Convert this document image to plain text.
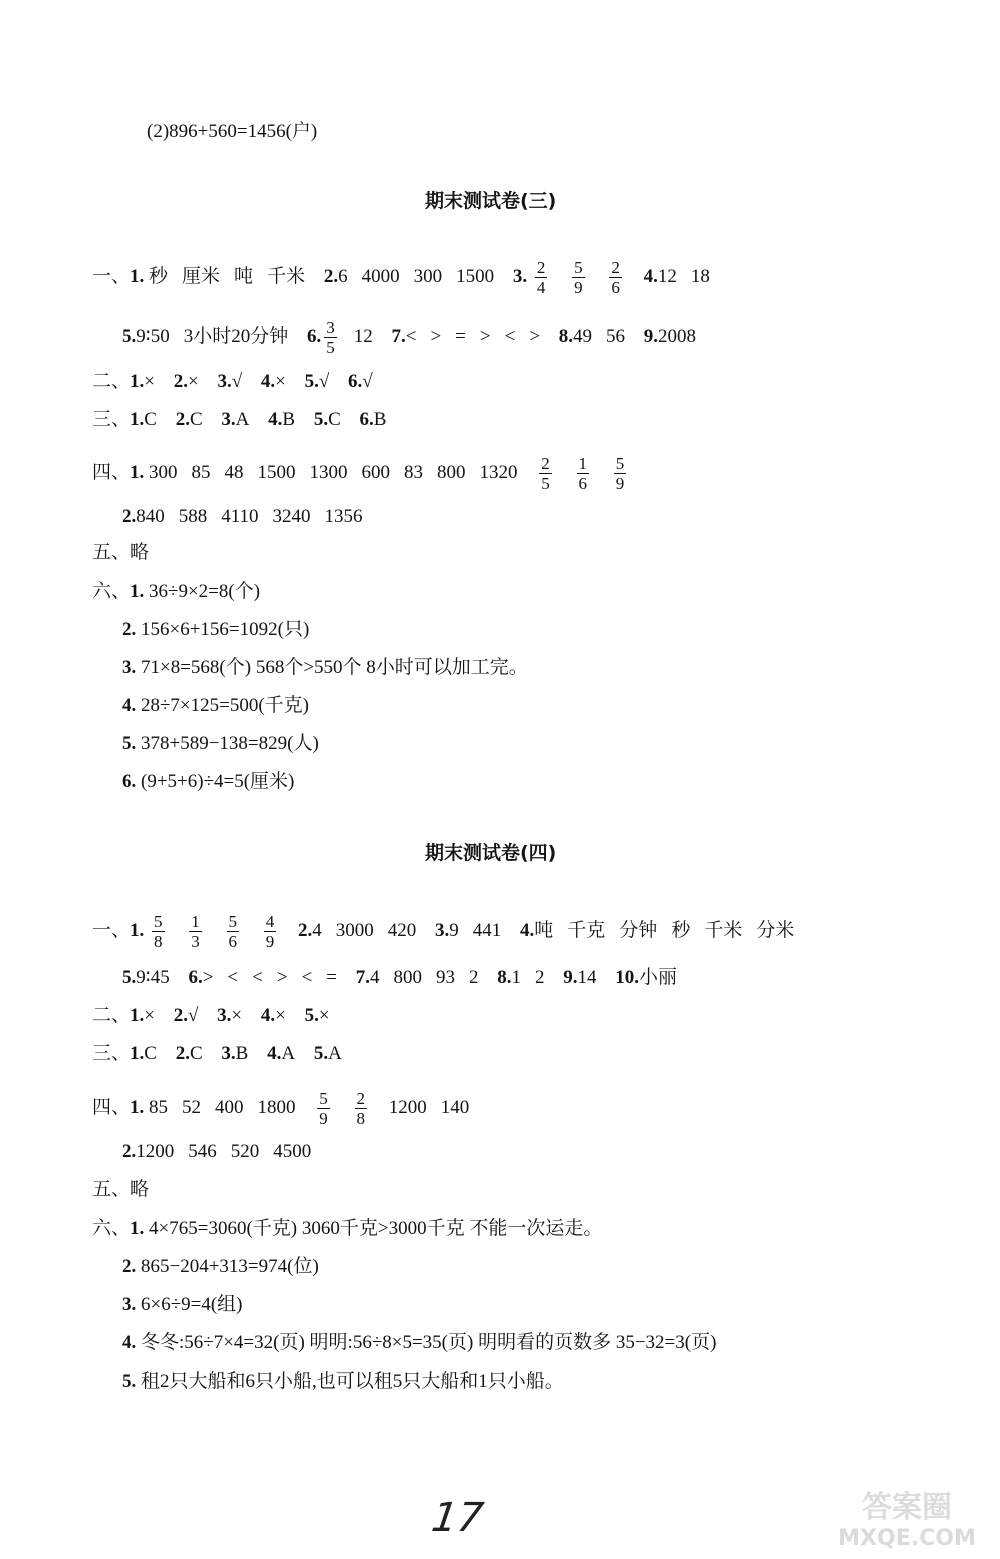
(2)896+560=1456(户)
期末测试卷(三)
一、1. 秒 厘米 吨 千米 2.6 4000 300 1500 3. $\frac{2}{4}$
$\frac{5}{9}$
$\frac{2}{6} 4.12$ 18
5.9∶50 3小时20分钟 6. $\frac{3}{5} 12$ 7.< > = > < > 8.49 56 9.2008
二、1.× 2.× 3.√ 4.× 5.√ 6.√
三、1.C 2.C 3.A 4.B 5.C 6.B
四、1. 300 85 48 1500 1300 600 83 800 $1320 \frac{2}{5}$
$\frac{1}{6}$
$\frac{5}{9}$
2.840 588 4110 3240 1356
五、略
六、1. 36÷9×2=8(个)
2. 156×6+156=1092(只)
3. 71×8=568(个) 568个>550个 8小时可以加工完。
4. 28÷7×125=500(千克)
5. 378+589−138=829(人)
6. (9+5+6)÷4=5(厘米)
期末测试卷(四)
一、1. $\frac{5}{8}$
$\frac{1}{3}$
$\frac{5}{6}$
$\frac{4}{9} 2.4$ 3000 420 3.9 441 4.吨 千克 分钟 秒 千米 分米
5.9∶45 6.> < < > < = 7.4 800 93 2 8.1 2 9.14 10.小丽
二、1.× 2.√ 3.× 4.× 5.×
三、1.C 2.C 3.B 4.A 5.A
四、1. 85 52 400 $1800 \frac{5}{9}$
$\frac{2}{8} 1200$ 140
2.1200 546 520 4500
五、略
六、1. 4×765=3060(千克) 3060千克>3000千克 不能一次运走。
2. 865−204+313=974(位)
3. 6×6÷9=4(组)
4. 冬冬:56÷7×4=32(页) 明明:56÷8×5=35(页) 明明看的页数多 35−32=3(页)
5. 租2只大船和6只小船,也可以租5只大船和1只小船。
17	答案圈
MXQE.COM
